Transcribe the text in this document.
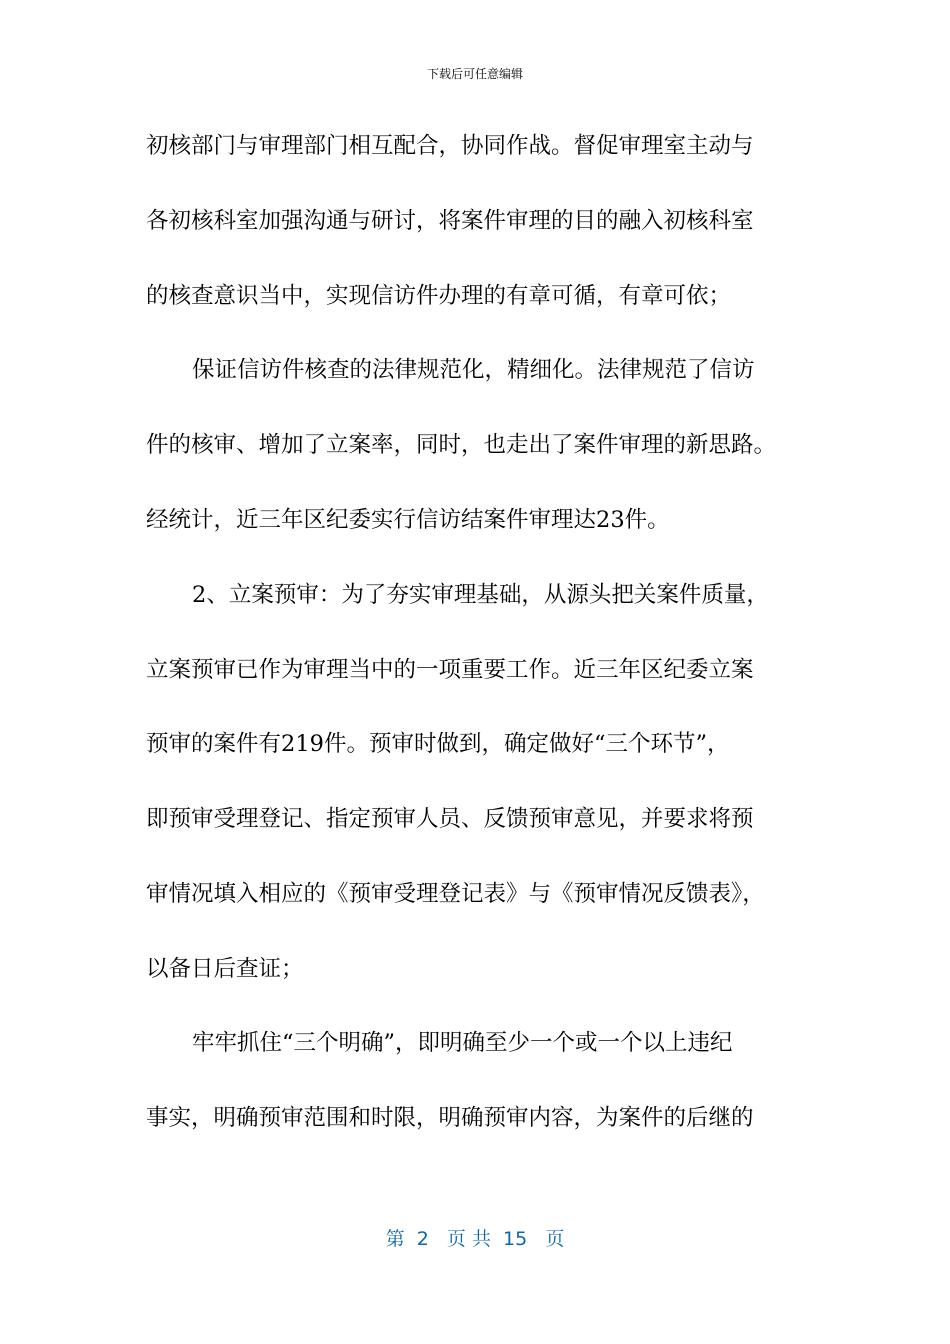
下载后可任意编辑
初核部门与审理部门相互配合，协同作战。督促审理室主动与
各初核科室加强沟通与研讨，将案件审理的目的融入初核科室
的核查意识当中，实现信访件办理的有章可循，有章可依；
保证信访件核查的法律规范化，精细化。法律规范了信访
件的核审、增加了立案率，同时，也走出了案件审理的新思路。
经统计，近三年区纪委实行信访结案件审理达23件。
2、立案预审：为了夯实审理基础，从源头把关案件质量，
立案预审已作为审理当中的一项重要工作。近三年区纪委立案
预审的案件有219件。预审时做到，确定做好“三个环节”，
即预审受理登记、指定预审人员、反馈预审意见，并要求将预
审情况填入相应的《预审受理登记表》与《预审情况反馈表》，
以备日后查证；
牢牢抓住“三个明确”，即明确至少一个或一个以上违纪
事实，明确预审范围和时限，明确预审内容，为案件的后继的
第  2   页 共  15   页
